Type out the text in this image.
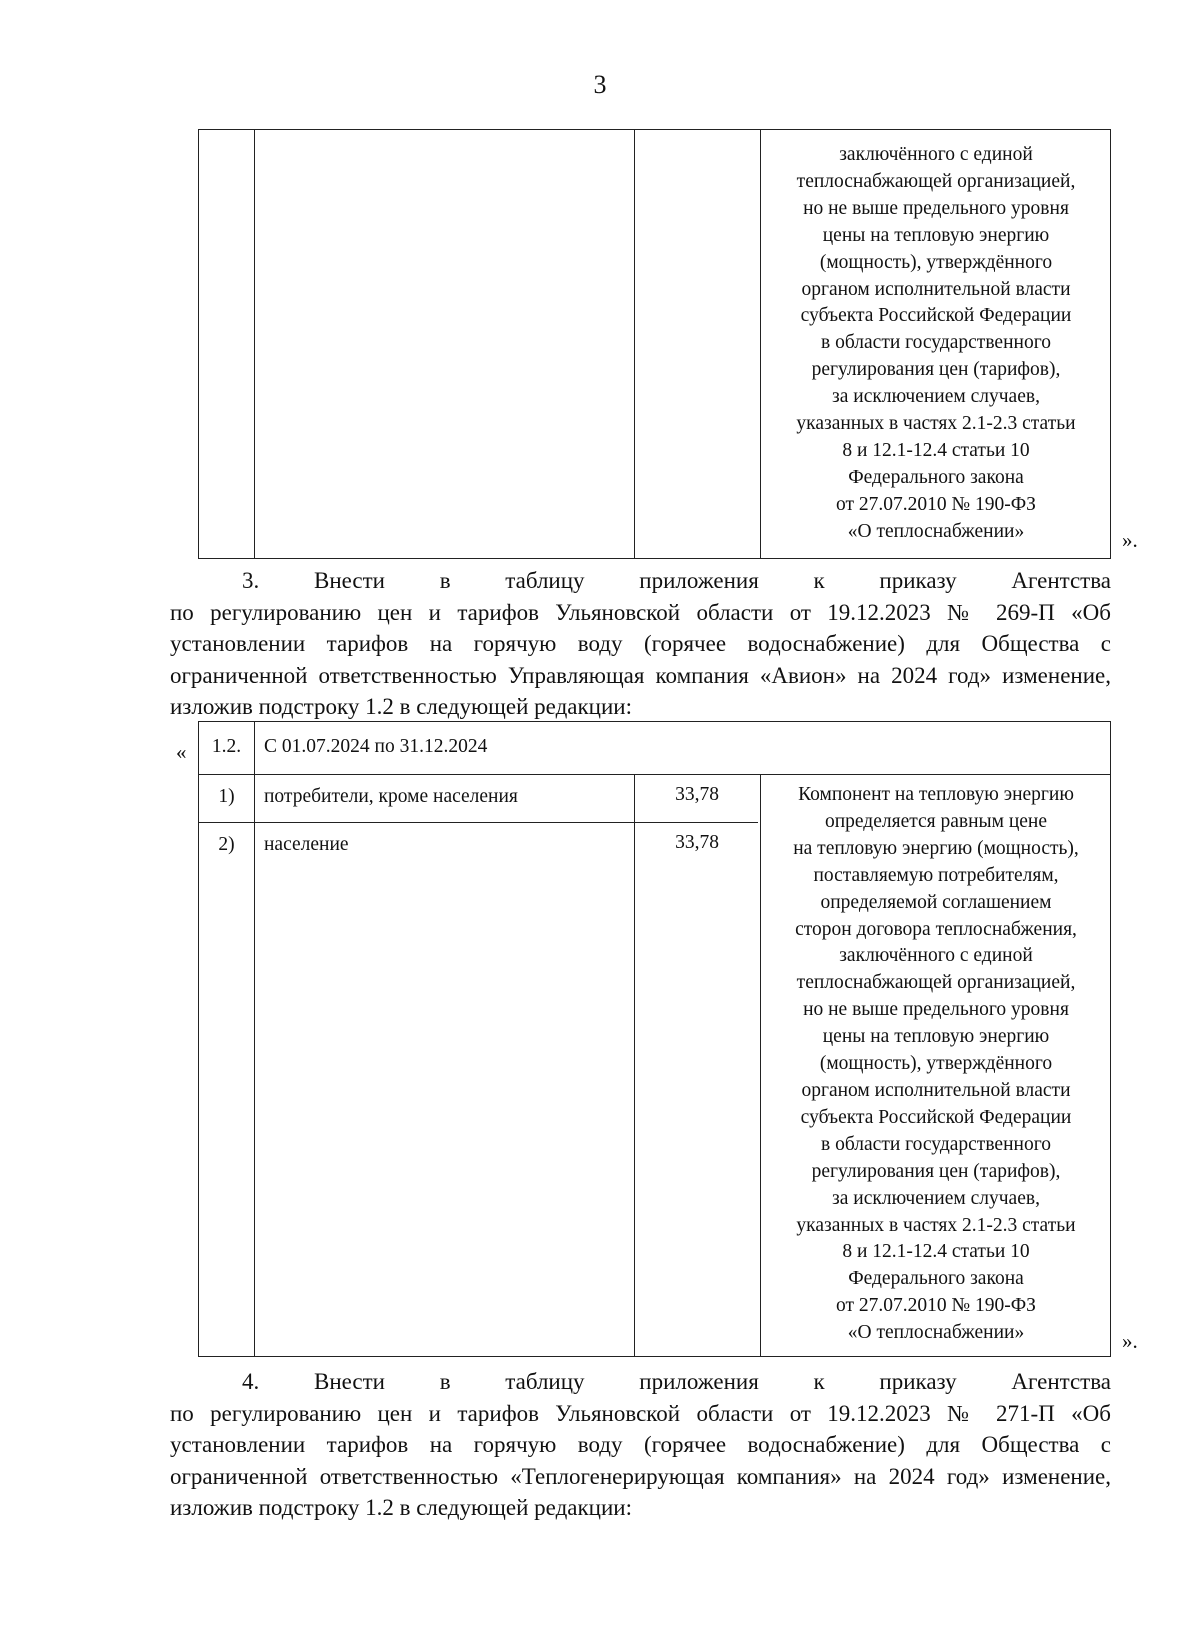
3
заключённого с единой
теплоснабжающей организацией,
но не выше предельного уровня
цены на тепловую энергию
(мощность), утверждённого
органом исполнительной власти
субъекта Российской Федерации
в области государственного
регулирования цен (тарифов),
за исключением случаев,
указанных в частях 2.1-2.3 статьи
8 и 12.1-12.4 статьи 10
Федерального закона
от 27.07.2010 № 190-ФЗ
«О теплоснабжении»	».
3. Внести в таблицу приложения к приказу Агентства
по регулированию цен и тарифов Ульяновской области от 19.12.2023 № 269-П «Об установлении тарифов на горячую воду (горячее водоснабжение) для Общества с ограниченной ответственностью Управляющая компания «Авион» на 2024 год» изменение, изложив подстроку 1.2 в следующей редакции:
«	1.2.	С 01.07.2024 по 31.12.2024
1)	потребители, кроме населения	33,78
2)	население	33,78
Компонент на тепловую энергию
определяется равным цене
на тепловую энергию (мощность),
поставляемую потребителям,
определяемой соглашением
сторон договора теплоснабжения,
заключённого с единой
теплоснабжающей организацией,
но не выше предельного уровня
цены на тепловую энергию
(мощность), утверждённого
органом исполнительной власти
субъекта Российской Федерации
в области государственного
регулирования цен (тарифов),
за исключением случаев,
указанных в частях 2.1-2.3 статьи
8 и 12.1-12.4 статьи 10
Федерального закона
от 27.07.2010 № 190-ФЗ
«О теплоснабжении»	».
4. Внести в таблицу приложения к приказу Агентства
по регулированию цен и тарифов Ульяновской области от 19.12.2023 № 271-П «Об установлении тарифов на горячую воду (горячее водоснабжение) для Общества с ограниченной ответственностью «Теплогенерирующая компания» на 2024 год» изменение, изложив подстроку 1.2 в следующей редакции:
